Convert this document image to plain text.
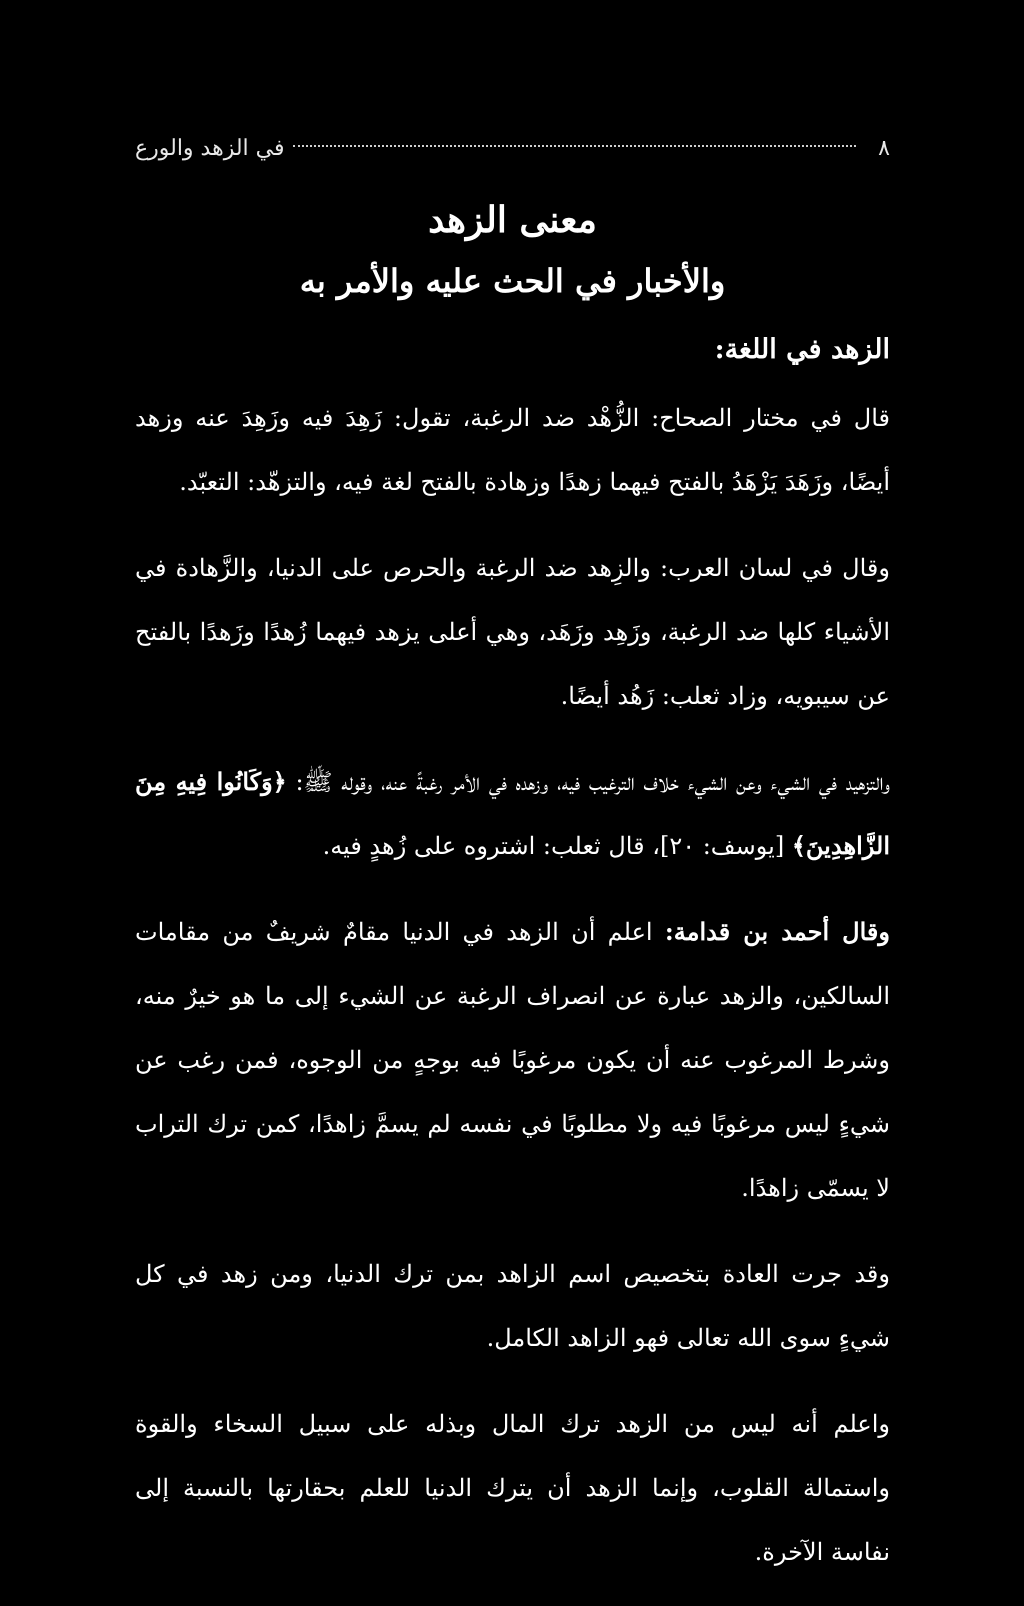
٨
في الزهد والورع
معنى الزهد
والأخبار في الحث عليه والأمر به
الزهد في اللغة:

قال في مختار الصحاح: الزُّهْد ضد الرغبة، تقول: زَهِدَ فيه وزَهِدَ عنه وزهد أيضًا، وزَهَدَ يَزْهَدُ بالفتح فيهما زهدًا وزهادة بالفتح لغة فيه، والتزهّد: التعبّد.

وقال في لسان العرب: والزِهد ضد الرغبة والحرص على الدنيا، والزَّهادة في الأشياء كلها ضد الرغبة، وزَهِد وزَهَد، وهي أعلى يزهد فيهما زُهدًا وزَهدًا بالفتح عن سيبويه، وزاد ثعلب: زَهُد أيضًا.

والتزهيد في الشيء وعن الشيء خلاف الترغيب فيه، وزهده في الأمر رغبةً عنه، وقوله ﷺ: ﴿وَكَانُوا فِيهِ مِنَ الزَّاهِدِينَ﴾ [يوسف: ٢٠]، قال ثعلب: اشتروه على زُهدٍ فيه.

وقال أحمد بن قدامة: اعلم أن الزهد في الدنيا مقامٌ شريفٌ من مقامات السالكين، والزهد عبارة عن انصراف الرغبة عن الشيء إلى ما هو خيرٌ منه، وشرط المرغوب عنه أن يكون مرغوبًا فيه بوجهٍ من الوجوه، فمن رغب عن شيءٍ ليس مرغوبًا فيه ولا مطلوبًا في نفسه لم يسمَّ زاهدًا، كمن ترك التراب لا يسمّى زاهدًا.

وقد جرت العادة بتخصيص اسم الزاهد بمن ترك الدنيا، ومن زهد في كل شيءٍ سوى الله تعالى فهو الزاهد الكامل.

واعلم أنه ليس من الزهد ترك المال وبذله على سبيل السخاء والقوة واستمالة القلوب، وإنما الزهد أن يترك الدنيا للعلم بحقارتها بالنسبة إلى نفاسة الآخرة.
